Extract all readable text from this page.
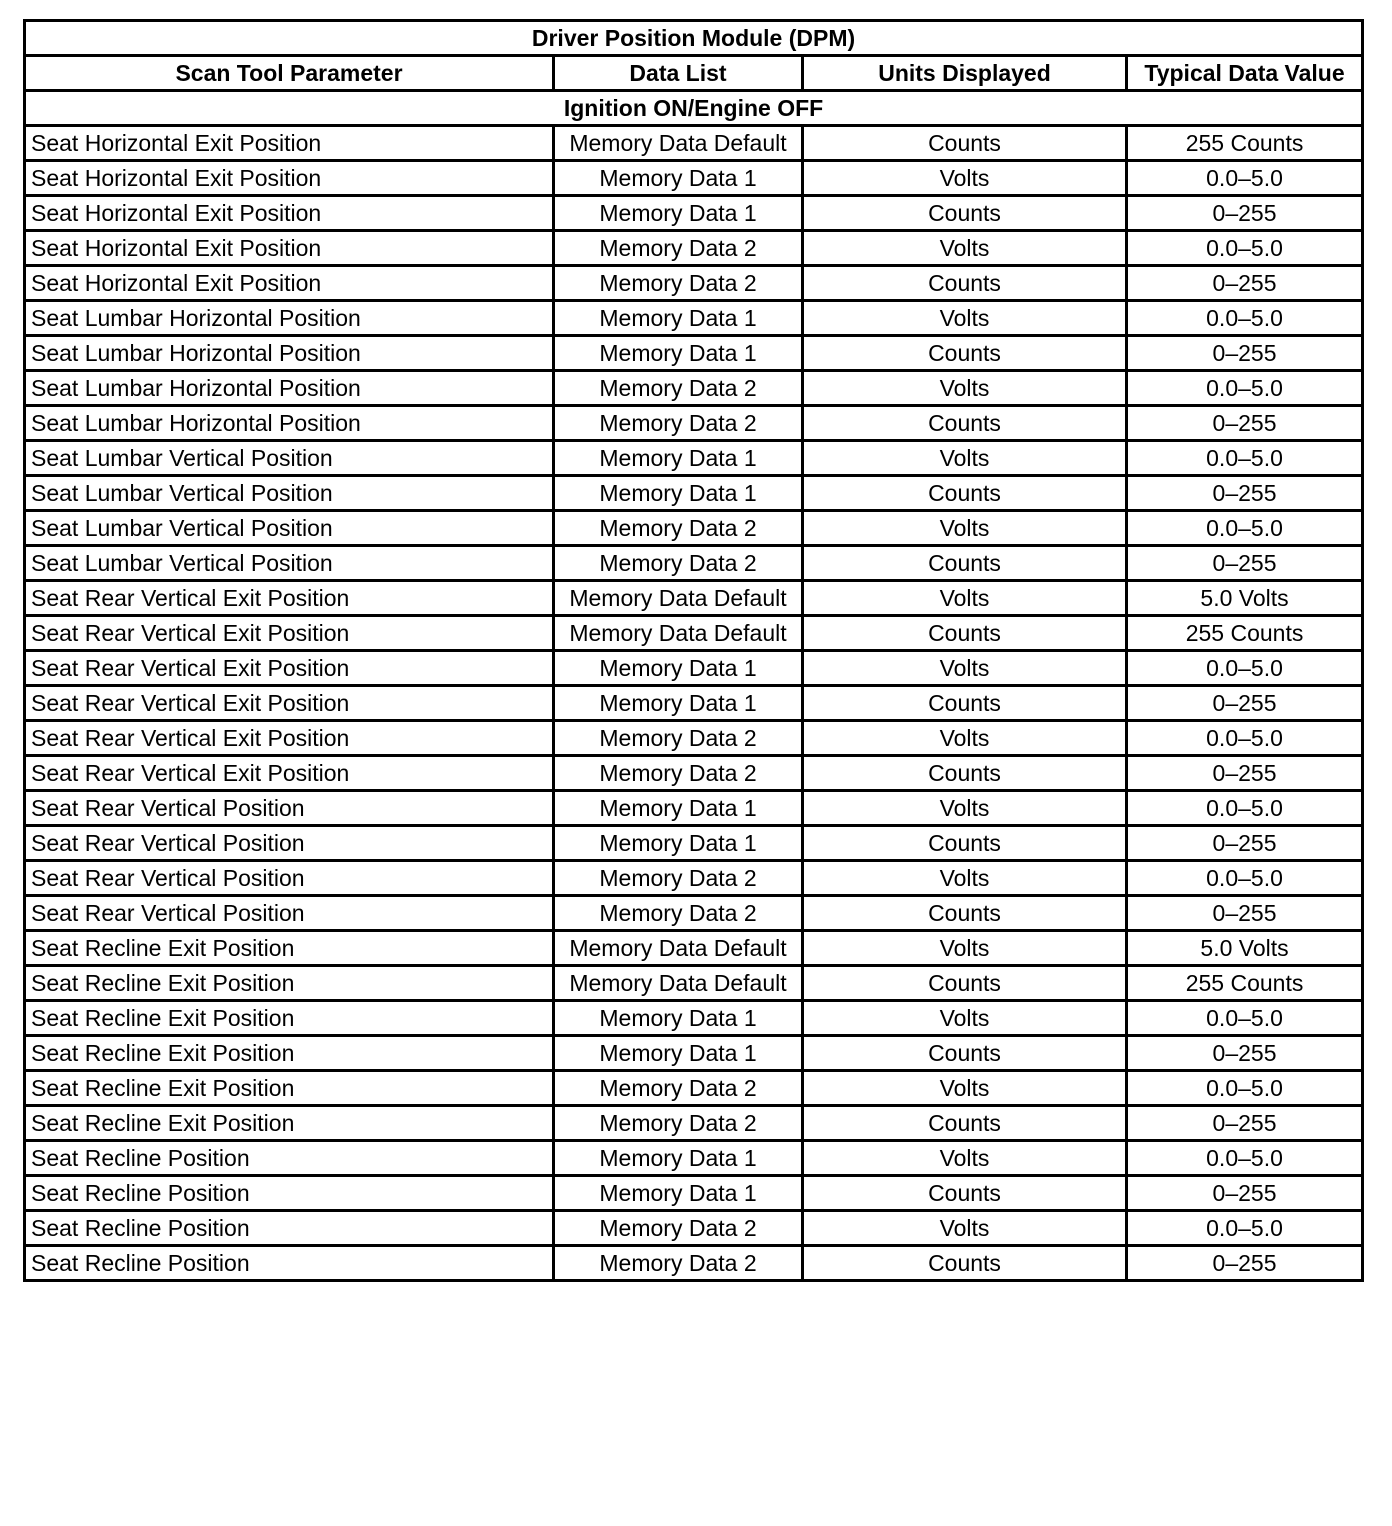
Driver Position Module (DPM)			
Scan Tool Parameter	Data List	Units Displayed	Typical Data Value
Ignition ON/Engine OFF			
Seat Horizontal Exit Position	Memory Data Default	Counts	255 Counts
Seat Horizontal Exit Position	Memory Data 1	Volts	0.0–5.0
Seat Horizontal Exit Position	Memory Data 1	Counts	0–255
Seat Horizontal Exit Position	Memory Data 2	Volts	0.0–5.0
Seat Horizontal Exit Position	Memory Data 2	Counts	0–255
Seat Lumbar Horizontal Position	Memory Data 1	Volts	0.0–5.0
Seat Lumbar Horizontal Position	Memory Data 1	Counts	0–255
Seat Lumbar Horizontal Position	Memory Data 2	Volts	0.0–5.0
Seat Lumbar Horizontal Position	Memory Data 2	Counts	0–255
Seat Lumbar Vertical Position	Memory Data 1	Volts	0.0–5.0
Seat Lumbar Vertical Position	Memory Data 1	Counts	0–255
Seat Lumbar Vertical Position	Memory Data 2	Volts	0.0–5.0
Seat Lumbar Vertical Position	Memory Data 2	Counts	0–255
Seat Rear Vertical Exit Position	Memory Data Default	Volts	5.0 Volts
Seat Rear Vertical Exit Position	Memory Data Default	Counts	255 Counts
Seat Rear Vertical Exit Position	Memory Data 1	Volts	0.0–5.0
Seat Rear Vertical Exit Position	Memory Data 1	Counts	0–255
Seat Rear Vertical Exit Position	Memory Data 2	Volts	0.0–5.0
Seat Rear Vertical Exit Position	Memory Data 2	Counts	0–255
Seat Rear Vertical Position	Memory Data 1	Volts	0.0–5.0
Seat Rear Vertical Position	Memory Data 1	Counts	0–255
Seat Rear Vertical Position	Memory Data 2	Volts	0.0–5.0
Seat Rear Vertical Position	Memory Data 2	Counts	0–255
Seat Recline Exit Position	Memory Data Default	Volts	5.0 Volts
Seat Recline Exit Position	Memory Data Default	Counts	255 Counts
Seat Recline Exit Position	Memory Data 1	Volts	0.0–5.0
Seat Recline Exit Position	Memory Data 1	Counts	0–255
Seat Recline Exit Position	Memory Data 2	Volts	0.0–5.0
Seat Recline Exit Position	Memory Data 2	Counts	0–255
Seat Recline Position	Memory Data 1	Volts	0.0–5.0
Seat Recline Position	Memory Data 1	Counts	0–255
Seat Recline Position	Memory Data 2	Volts	0.0–5.0
Seat Recline Position	Memory Data 2	Counts	0–255
